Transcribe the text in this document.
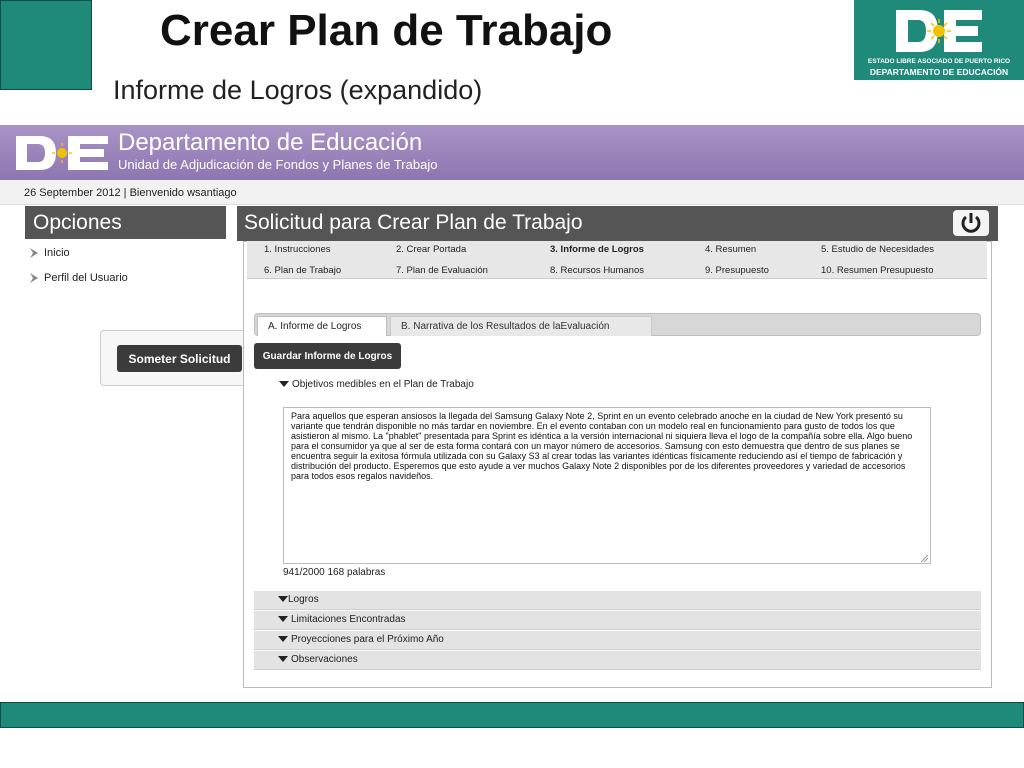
Crear Plan de Trabajo
Informe de Logros (expandido)
ESTADO LIBRE ASOCIADO DE PUERTO RICO
DEPARTAMENTO DE EDUCACIÓN
Departamento de Educación
Unidad de Adjudicación de Fondos y Planes de Trabajo
26 September 2012 | Bienvenido wsantiago
Opciones
Inicio
Perfil del Usuario
Someter Solicitud
Solicitud para Crear Plan de Trabajo
1. Instrucciones	2. Crear Portada	3. Informe de Logros	4. Resumen	5. Estudio de Necesidades
6. Plan de Trabajo	7. Plan de Evaluación	8. Recursos Humanos	9. Presupuesto	10. Resumen Presupuesto
A. Informe de Logros	B. Narrativa de los Resultados de laEvaluación
Guardar Informe de Logros
Objetivos medibles en el Plan de Trabajo
Para aquellos que esperan ansiosos la llegada del Samsung Galaxy Note 2, Sprint en un evento celebrado anoche en la ciudad de New York presentó su variante que tendrán disponible no más tardar en noviembre. En el evento contaban con un modelo real en funcionamiento para gusto de todos los que asistieron al mismo. La "phablet" presentada para Sprint es idéntica a la versión internacional ni siquiera lleva el logo de la compañía sobre ella. Algo bueno para el consumidor ya que al ser de esta forma contará con un mayor número de accesorios. Samsung con esto demuestra que dentro de sus planes se encuentra seguir la exitosa fórmula utilizada con su Galaxy S3 al crear todas las variantes idénticas físicamente reduciendo así el tiempo de fabricación y distribución del producto. Esperemos que esto ayude a ver muchos Galaxy Note 2 disponibles por de los diferentes proveedores y variedad de accesorios para todos esos regalos navideños.
941/2000 168 palabras
Logros
Limitaciones Encontradas
Proyecciones para el Próximo Año
Observaciones
